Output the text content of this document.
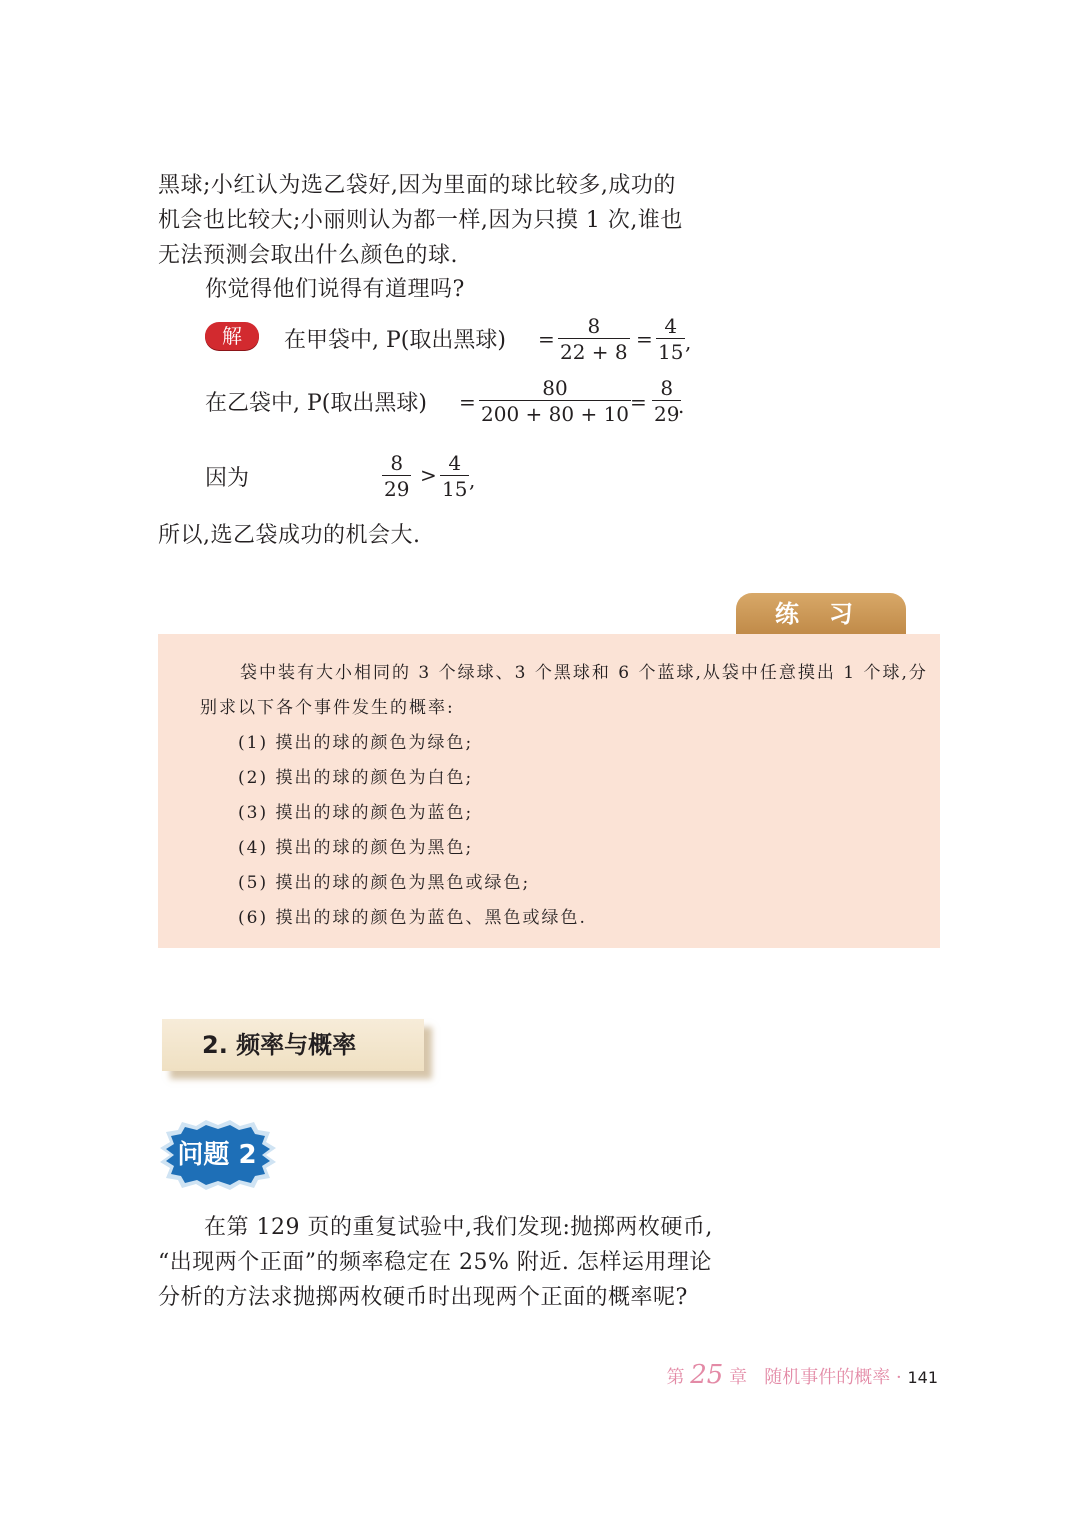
黑球;小红认为选乙袋好,因为里面的球比较多,成功的
机会也比较大;小丽则认为都一样,因为只摸 1 次,谁也
无法预测会取出什么颜色的球.
你觉得他们说得有道理吗?
解	在甲袋中, P(取出黑球) = $\frac{8}{22 + 8} = \frac{4}{15}$ ,
在乙袋中, P(取出黑球) = $\frac{80}{200 + 80 + 10}$
= $\frac{8}{29}$
.
因为	$\frac{8}{29} > \frac{4}{15}$ ,
所以,选乙袋成功的机会大.
练习
袋中装有大小相同的 3 个绿球、3 个黑球和 6 个蓝球,从袋中任意摸出 1 个球,分
别求以下各个事件发生的概率:
(1) 摸出的球的颜色为绿色;
(2) 摸出的球的颜色为白色;
(3) 摸出的球的颜色为蓝色;
(4) 摸出的球的颜色为黑色;
(5) 摸出的球的颜色为黑色或绿色;
(6) 摸出的球的颜色为蓝色、黑色或绿色.
2. 频率与概率
问题 2
在第 129 页的重复试验中,我们发现:抛掷两枚硬币,
“出现两个正面”的频率稳定在 25% 附近. 怎样运用理论
分析的方法求抛掷两枚硬币时出现两个正面的概率呢?
第 25 章 随机事件的概率 · 141
